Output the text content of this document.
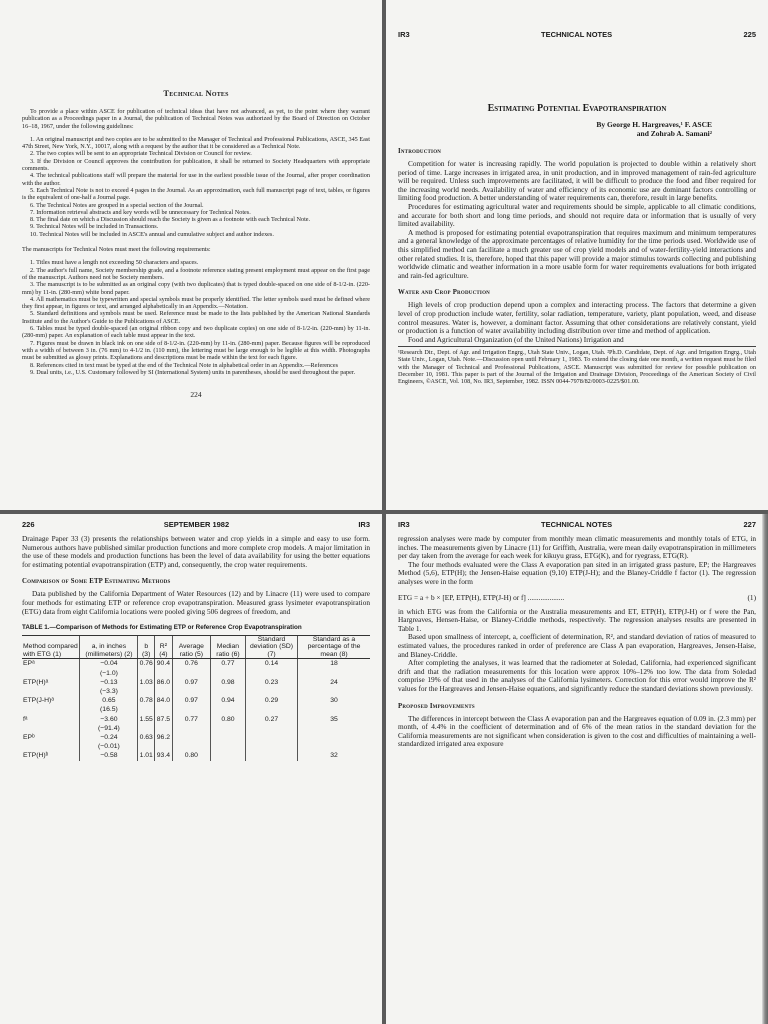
Technical Notes

To provide a place within ASCE for publication of technical ideas that have not advanced, as yet, to the point where they warrant publication as a Proceedings paper in a Journal, the publication of Technical Notes was authorized by the Board of Direction on October 16–18, 1967, under the following guidelines:

1. An original manuscript and two copies are to be submitted to the Manager of Technical and Professional Publications, ASCE, 345 East 47th Street, New York, N.Y., 10017, along with a request by the author that it be considered as a Technical Note.

2. The two copies will be sent to an appropriate Technical Division or Council for review.

3. If the Division or Council approves the contribution for publication, it shall be returned to Society Headquarters with appropriate comments.

4. The technical publications staff will prepare the material for use in the earliest possible issue of the Journal, after proper coordination with the author.

5. Each Technical Note is not to exceed 4 pages in the Journal. As an approximation, each full manuscript page of text, tables, or figures is the equivalent of one-half a Journal page.

6. The Technical Notes are grouped in a special section of the Journal.

7. Information retrieval abstracts and key words will be unnecessary for Technical Notes.

8. The final date on which a Discussion should reach the Society is given as a footnote with each Technical Note.

9. Technical Notes will be included in Transactions.

10. Technical Notes will be included in ASCE's annual and cumulative subject and author indexes.

The manuscripts for Technical Notes must meet the following requirements:

1. Titles must have a length not exceeding 50 characters and spaces.

2. The author's full name, Society membership grade, and a footnote reference stating present employment must appear on the first page of the manuscript. Authors need not be Society members.

3. The manuscript is to be submitted as an original copy (with two duplicates) that is typed double-spaced on one side of 8-1/2-in. (220-mm) by 11-in. (280-mm) white bond paper.

4. All mathematics must be typewritten and special symbols must be properly identified. The letter symbols used must be defined where they first appear, in figures or text, and arranged alphabetically in an Appendix.—Notation.

5. Standard definitions and symbols must be used. Reference must be made to the lists published by the American National Standards Institute and to the Author's Guide to the Publications of ASCE.

6. Tables must be typed double-spaced (an original ribbon copy and two duplicate copies) on one side of 8-1/2-in. (220-mm) by 11-in. (280-mm) paper. An explanation of each table must appear in the text.

7. Figures must be drawn in black ink on one side of 8-1/2-in. (220-mm) by 11-in. (280-mm) paper. Because figures will be reproduced with a width of between 3 in. (76 mm) to 4-1/2 in. (110 mm), the lettering must be large enough to be legible at this width. Photographs must be submitted as glossy prints. Explanations and descriptions must be made within the text for each figure.

8. References cited in text must be typed at the end of the Technical Note in alphabetical order in an Appendix.—References

9. Dual units, i.e., U.S. Customary followed by SI (International System) units in parentheses, should be used throughout the paper.

224
IR3	TECHNICAL NOTES	225
Estimating Potential Evapotranspiration
By George H. Hargreaves,¹ F. ASCE
and Zohrab A. Samani²
Introduction

Competition for water is increasing rapidly. The world population is projected to double within a relatively short period of time. Large increases in irrigated area, in unit production, and in improved management of rain-fed agriculture will be required. Unless such improvements are facilitated, it will be difficult to produce the food and fiber required for the increasing world needs. Availability of water and efficiency of its economic use are dominant factors controlling or limiting food production. A better understanding of water requirements can, therefore, result in large benefits.

Procedures for estimating agricultural water and requirements should be simple, applicable to all climatic conditions, and accurate for both short and long time periods, and should not require data or information that is usually of very limited availability.

A method is proposed for estimating potential evapotranspiration that requires maximum and minimum temperatures and a general knowledge of the approximate percentages of relative humidity for the time periods used. Worldwide use of this simplified method can facilitate a much greater use of crop yield models and of water-fertility-yield interactions and other related studies. It is, therefore, hoped that this paper will provide a major stimulus towards collecting and publishing worldwide climatic and weather information in a more usable form for water requirements evaluations for both irrigated and rain-fed agriculture.

Water and Crop Production

High levels of crop production depend upon a complex and interacting process. The factors that determine a given level of crop production include water, fertility, solar radiation, temperature, variety, plant population, weed, and disease control measures. Water is, however, a dominant factor. Assuming that other considerations are relatively constant, yield or production is a function of water availability including distribution over time and method of application.

Food and Agricultural Organization (of the United Nations) Irrigation and

¹Research Dir., Dept. of Agr. and Irrigation Engrg., Utah State Univ., Logan, Utah. ²Ph.D. Candidate, Dept. of Agr. and Irrigation Engrg., Utah State Univ., Logan, Utah. Note.—Discussion open until February 1, 1983. To extend the closing date one month, a written request must be filed with the Manager of Technical and Professional Publications, ASCE. Manuscript was submitted for review for possible publication on December 10, 1981. This paper is part of the Journal of the Irrigation and Drainage Division, Proceedings of the American Society of Civil Engineers, ©ASCE, Vol. 108, No. IR3, September, 1982. ISSN 0044-7978/82/0003-0225/$01.00.
226	SEPTEMBER 1982	IR3

Drainage Paper 33 (3) presents the relationships between water and crop yields in a simple and easy to use form. Numerous authors have published similar production functions and more complete crop models. A major limitation in the use of these models and production functions has been the level of data availability for using the better equations for estimating potential evapotranspiration (ETP) and, consequently, the crop water requirements.

Comparison of Some ETP Estimating Methods

Data published by the California Department of Water Resources (12) and by Linacre (11) were used to compare four methods for estimating ETP or reference crop evapotranspiration. Measured grass lysimeter evapotranspiration (ETG) data from eight California locations were pooled giving 506 degrees of freedom, and

TABLE 1.—Comparison of Methods for Estimating ETP or Reference Crop Evapotranspiration
Method compared with ETG (1)	a, in inches (millimeters) (2)	b (3)	R² (4)	Average ratio (5)	Median ratio (6)	Standard deviation (SD) (7)	Standard as a percentage of the mean (8)
EPᵃ	−0.04	0.76	90.4	0.76	0.77	0.14	18
	(−1.0)						
ETP(H)ᵃ	−0.13	1.03	86.0	0.97	0.98	0.23	24
	(−3.3)						
ETP(J-H)ᵃ	0.65	0.78	84.0	0.97	0.94	0.29	30
	(16.5)						
fᵃ	−3.60	1.55	87.5	0.77	0.80	0.27	35
	(−91.4)						
EPᵇ	−0.24	0.63	96.2				
	(−0.01)						
ETP(H)ᵇ	−0.58	1.01	93.4	0.80			32
IR3	TECHNICAL NOTES	227

regression analyses were made by computer from monthly mean climatic measurements and monthly totals of ETG, in inches. The measurements given by Linacre (11) for Griffith, Australia, were mean daily evapotranspiration in millimeters per day taken from the average for each week for kikuyu grass, ETG(K), and for ryegrass, ETG(R).

The four methods evaluated were the Class A evaporation pan sited in an irrigated grass pasture, EP; the Hargreaves Method (5,6), ETP(H); the Jensen-Haise equation (9,10) ETP(J-H); and the Blaney-Criddle f factor (1). The regression analyses were in the form

ETG = a + b × [EP, ETP(H), ETP(J-H) or f] ....................	(1)

in which ETG was from the California or the Australia measurements and ET, ETP(H), ETP(J-H) or f were the Pan, Hargreaves, Hensen-Haise, or Blaney-Criddle methods, respectively. The regression analyses results are presented in Table 1.

Based upon smallness of intercept, a, coefficient of determination, R², and standard deviation of ratios of measured to estimated values, the procedures ranked in order of preference are Class A pan evaporation, Hargreaves, Jensen-Haise, and Blaney-Criddle.

After completing the analyses, it was learned that the radiometer at Soledad, California, had experienced significant drift and that the radiation measurements for this location were approx 10%–12% too low. The data from Soledad comprise 19% of that used in the analyses of the California lysimeters. Correction for this error would improve the R² values for the Hargreaves and Jensen-Haise equations, and significantly reduce the standard deviations shown previously.

Proposed Improvements

The differences in intercept between the Class A evaporation pan and the Hargreaves equation of 0.09 in. (2.3 mm) per month, of 4.4% in the coefficient of determination and of 6% of the mean ratios in the standard deviation for the California measurements are not significant when consideration is given to the cost and difficulties of maintaining a well-standardized irrigated area exposure
